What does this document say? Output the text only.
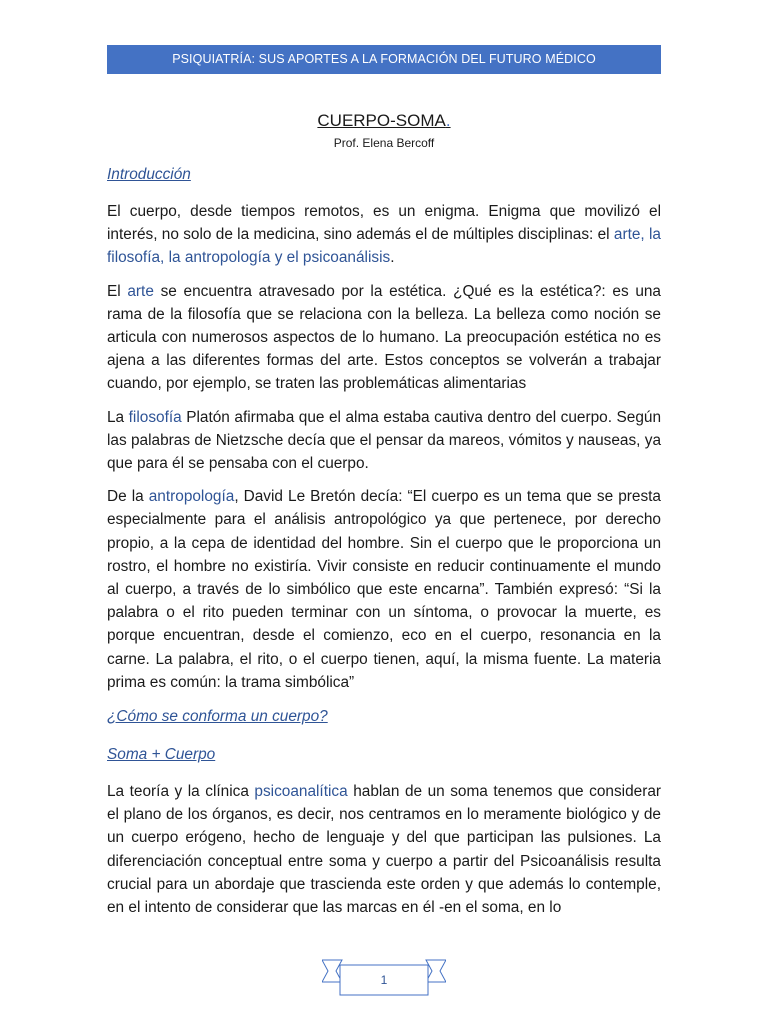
PSIQUIATRÍA: SUS APORTES A LA FORMACIÓN DEL FUTURO MÉDICO
CUERPO-SOMA.
Prof. Elena Bercoff
Introducción

El cuerpo, desde tiempos remotos, es un enigma. Enigma que movilizó el interés, no solo de la medicina, sino además el de múltiples disciplinas: el arte, la filosofía, la antropología y el psicoanálisis.

El arte se encuentra atravesado por la estética. ¿Qué es la estética?: es una rama de la filosofía que se relaciona con la belleza. La belleza como noción se articula con numerosos aspectos de lo humano. La preocupación estética no es ajena a las diferentes formas del arte. Estos conceptos se volverán a trabajar cuando, por ejemplo, se traten las problemáticas alimentarias

La filosofía Platón afirmaba que el alma estaba cautiva dentro del cuerpo. Según las palabras de Nietzsche decía que el pensar da mareos, vómitos y nauseas, ya que para él se pensaba con el cuerpo.

De la antropología, David Le Bretón decía: “El cuerpo es un tema que se presta especialmente para el análisis antropológico ya que pertenece, por derecho propio, a la cepa de identidad del hombre. Sin el cuerpo que le proporciona un rostro, el hombre no existiría. Vivir consiste en reducir continuamente el mundo al cuerpo, a través de lo simbólico que este encarna”. También expresó: “Si la palabra o el rito pueden terminar con un síntoma, o provocar la muerte, es porque encuentran, desde el comienzo, eco en el cuerpo, resonancia en la carne. La palabra, el rito, o el cuerpo tienen, aquí, la misma fuente. La materia prima es común: la trama simbólica”

¿Cómo se conforma un cuerpo?
Soma + Cuerpo

La teoría y la clínica psicoanalítica hablan de un soma tenemos que considerar el plano de los órganos, es decir, nos centramos en lo meramente biológico y de un cuerpo erógeno, hecho de lenguaje y del que participan las pulsiones. La diferenciación conceptual entre soma y cuerpo a partir del Psicoanálisis resulta crucial para un abordaje que trascienda este orden y que además lo contemple, en el intento de considerar que las marcas en él -en el soma, en lo

1
